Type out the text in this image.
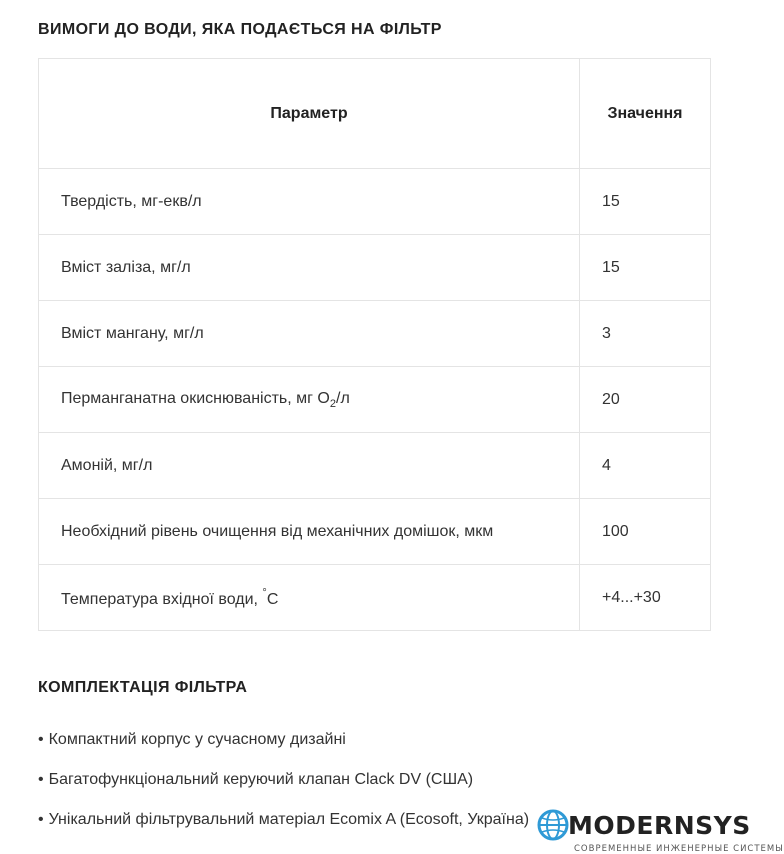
ВИМОГИ ДО ВОДИ, ЯКА ПОДАЄТЬСЯ НА ФІЛЬТР
Параметр	Значення
Твердість, мг-екв/л	15
Вміст заліза, мг/л	15
Вміст мангану, мг/л	3
Перманганатна окиснюваність, мг $O_2/л$	20
Амоній, мг/л	4
Необхідний рівень очищення від механічних домішок, мкм	100
Температура вхідної води, °С	+4...+30
КОМПЛЕКТАЦІЯ ФІЛЬТРА
• Компактний корпус у сучасному дизайні
• Багатофункціональний керуючий клапан Clack DV (США)
• Унікальний фільтрувальний матеріал Ecomix A (Ecosoft, Україна) MODERNSYS
СОВРЕМЕННЫЕ ИНЖЕНЕРНЫЕ СИСТЕМЫ
